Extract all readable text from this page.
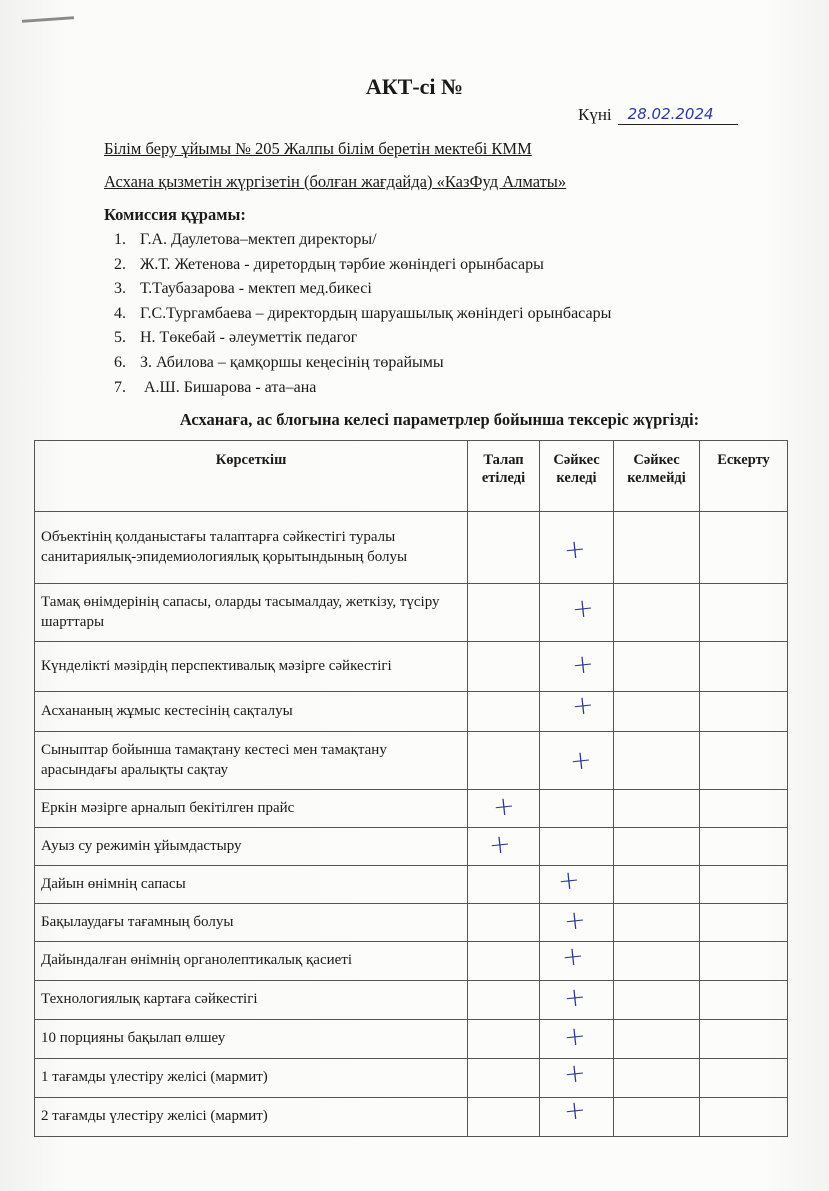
АКТ-сі №
Күні	28.02.2024
Білім беру ұйымы № 205 Жалпы білім беретін мектебі КММ
Асхана қызметін жүргізетін (болған жағдайда) «КазФуд Алматы»
Комиссия құрамы:
1. Г.А. Даулетова–мектеп директоры/
2. Ж.Т. Жетенова - диретордың тәрбие жөніндегі орынбасары
3. Т.Таубазарова - мектеп мед.бикесі
4. Г.С.Тургамбаева – директордың шаруашылық жөніндегі орынбасары
5. Н. Төкебай - әлеуметтік педагог
6. З. Абилова – қамқоршы кеңесінің төрайымы
7. А.Ш. Бишарова - ата–ана
Асханаға, ас блогына келесі параметрлер бойынша тексеріс жүргізді:
Көрсеткіш	Талап етіледі	Сәйкес келеді	Сәйкес келмейді	Ескерту
Объектінің қолданыстағы талаптарға сәйкестігі туралы санитариялық-эпидемиологиялық қорытындының болуы		+		
Тамақ өнімдерінің сапасы, оларды тасымалдау, жеткізу, түсіру шарттары		+		
Күнделікті мәзірдің перспективалық мәзірге сәйкестігі		+		
Асхананың жұмыс кестесінің сақталуы		+		
Сыныптар бойынша тамақтану кестесі мен тамақтану арасындағы аралықты сақтау		+		
Еркін мәзірге арналып бекітілген прайс	+			
Ауыз су режимін ұйымдастыру	+			
Дайын өнімнің сапасы		+		
Бақылаудағы тағамның болуы		+		
Дайындалған өнімнің органолептикалық қасиеті		+		
Технологиялық картаға сәйкестігі		+		
10 порцияны бақылап өлшеу		+		
1 тағамды үлестіру желісі (мармит)		+		
2 тағамды үлестіру желісі (мармит)		+		
